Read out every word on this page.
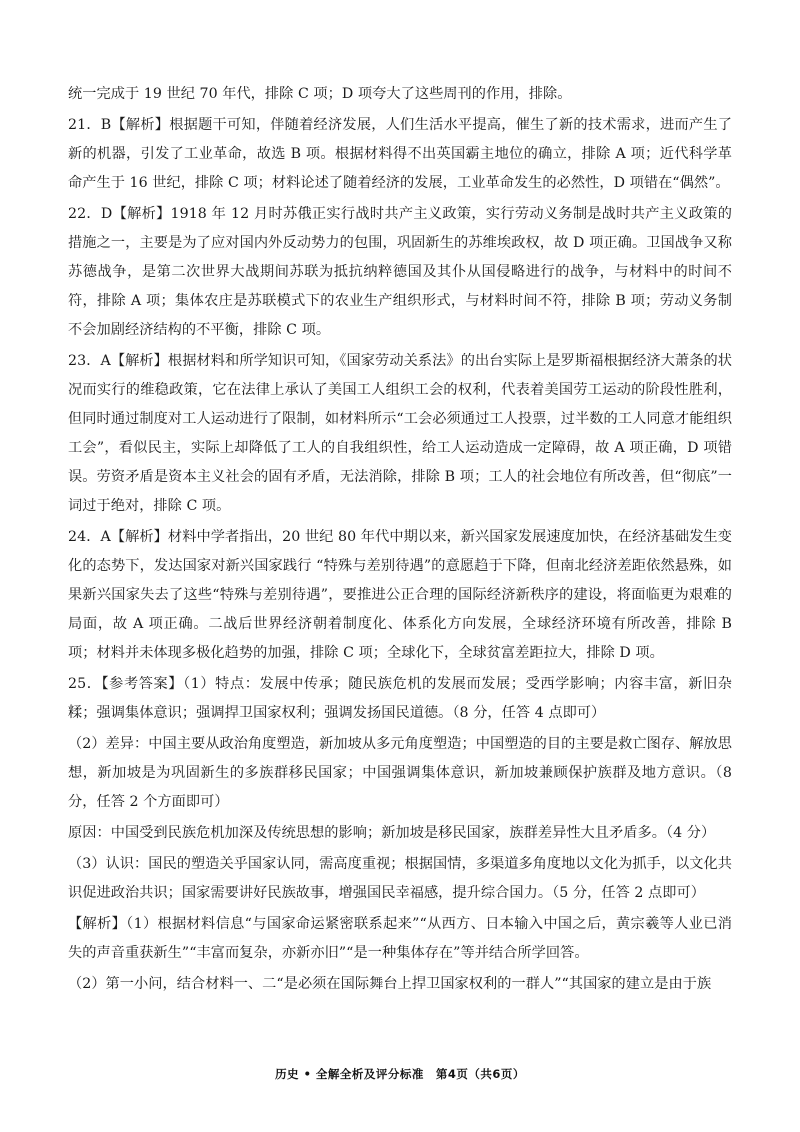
统一完成于 19 世纪 70 年代，排除 C 项；D 项夸大了这些周刊的作用，排除。

21．B【解析】根据题干可知，伴随着经济发展，人们生活水平提高，催生了新的技术需求，进而产生了新的机器，引发了工业革命，故选 B 项。根据材料得不出英国霸主地位的确立，排除 A 项；近代科学革命产生于 16 世纪，排除 C 项；材料论述了随着经济的发展，工业革命发生的必然性，D 项错在“偶然”。

22．D【解析】1918 年 12 月时苏俄正实行战时共产主义政策，实行劳动义务制是战时共产主义政策的措施之一，主要是为了应对国内外反动势力的包围，巩固新生的苏维埃政权，故 D 项正确。卫国战争又称苏德战争，是第二次世界大战期间苏联为抵抗纳粹德国及其仆从国侵略进行的战争，与材料中的时间不符，排除 A 项；集体农庄是苏联模式下的农业生产组织形式，与材料时间不符，排除 B 项；劳动义务制不会加剧经济结构的不平衡，排除 C 项。

23．A【解析】根据材料和所学知识可知，《国家劳动关系法》的出台实际上是罗斯福根据经济大萧条的状况而实行的维稳政策，它在法律上承认了美国工人组织工会的权利，代表着美国劳工运动的阶段性胜利，但同时通过制度对工人运动进行了限制，如材料所示“工会必须通过工人投票，过半数的工人同意才能组织工会”，看似民主，实际上却降低了工人的自我组织性，给工人运动造成一定障碍，故 A 项正确，D 项错误。劳资矛盾是资本主义社会的固有矛盾，无法消除，排除 B 项；工人的社会地位有所改善，但“彻底”一词过于绝对，排除 C 项。

24．A【解析】材料中学者指出，20 世纪 80 年代中期以来，新兴国家发展速度加快，在经济基础发生变化的态势下，发达国家对新兴国家践行 “特殊与差别待遇”的意愿趋于下降，但南北经济差距依然悬殊，如果新兴国家失去了这些“特殊与差别待遇”，要推进公正合理的国际经济新秩序的建设，将面临更为艰难的局面，故 A 项正确。二战后世界经济朝着制度化、体系化方向发展，全球经济环境有所改善，排除 B 项；材料并未体现多极化趋势的加强，排除 C 项；全球化下，全球贫富差距拉大，排除 D 项。

25．【参考答案】（1）特点：发展中传承；随民族危机的发展而发展；受西学影响；内容丰富，新旧杂糅；强调集体意识；强调捍卫国家权利；强调发扬国民道德。（8 分，任答 4 点即可）

（2）差异：中国主要从政治角度塑造，新加坡从多元角度塑造；中国塑造的目的主要是救亡图存、解放思想，新加坡是为巩固新生的多族群移民国家；中国强调集体意识，新加坡兼顾保护族群及地方意识。（8 分，任答 2 个方面即可）

原因：中国受到民族危机加深及传统思想的影响；新加坡是移民国家，族群差异性大且矛盾多。（4 分）

（3）认识：国民的塑造关乎国家认同，需高度重视；根据国情，多渠道多角度地以文化为抓手，以文化共识促进政治共识；国家需要讲好民族故事，增强国民幸福感，提升综合国力。（5 分，任答 2 点即可）

【解析】（1）根据材料信息“与国家命运紧密联系起来”“从西方、日本输入中国之后，黄宗羲等人业已消失的声音重获新生”“丰富而复杂，亦新亦旧”“是一种集体存在”等并结合所学回答。

（2）第一小问，结合材料一、二“是必须在国际舞台上捍卫国家权利的一群人”“其国家的建立是由于族

历史 • 全解全析及评分标准　第4页（共6页）
